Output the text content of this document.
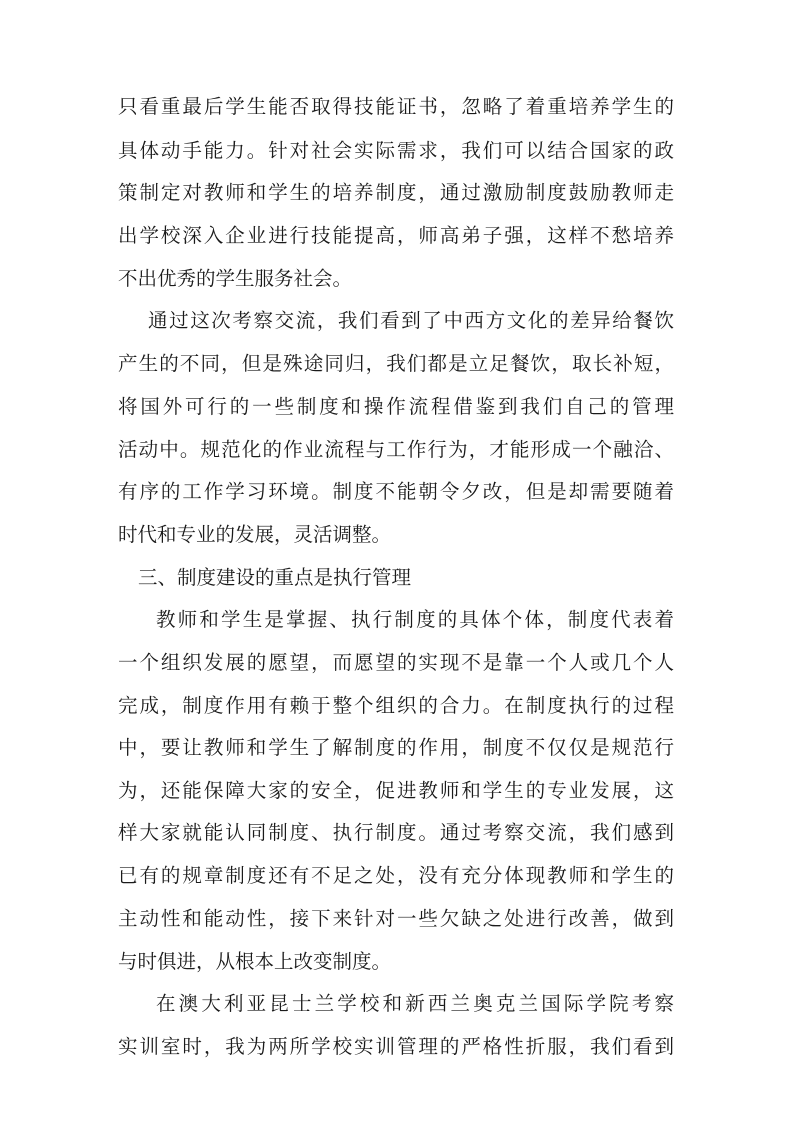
只看重最后学生能否取得技能证书，忽略了着重培养学生的
具体动手能力。针对社会实际需求，我们可以结合国家的政
策制定对教师和学生的培养制度，通过激励制度鼓励教师走
出学校深入企业进行技能提高，师高弟子强，这样不愁培养
不出优秀的学生服务社会。
通过这次考察交流，我们看到了中西方文化的差异给餐饮
产生的不同，但是殊途同归，我们都是立足餐饮，取长补短，
将国外可行的一些制度和操作流程借鉴到我们自己的管理
活动中。规范化的作业流程与工作行为，才能形成一个融洽、
有序的工作学习环境。制度不能朝令夕改，但是却需要随着
时代和专业的发展，灵活调整。
三、制度建设的重点是执行管理
教师和学生是掌握、执行制度的具体个体，制度代表着
一个组织发展的愿望，而愿望的实现不是靠一个人或几个人
完成，制度作用有赖于整个组织的合力。在制度执行的过程
中，要让教师和学生了解制度的作用，制度不仅仅是规范行
为，还能保障大家的安全，促进教师和学生的专业发展，这
样大家就能认同制度、执行制度。通过考察交流，我们感到
已有的规章制度还有不足之处，没有充分体现教师和学生的
主动性和能动性，接下来针对一些欠缺之处进行改善，做到
与时俱进，从根本上改变制度。
在澳大利亚昆士兰学校和新西兰奥克兰国际学院考察
实训室时，我为两所学校实训管理的严格性折服，我们看到
